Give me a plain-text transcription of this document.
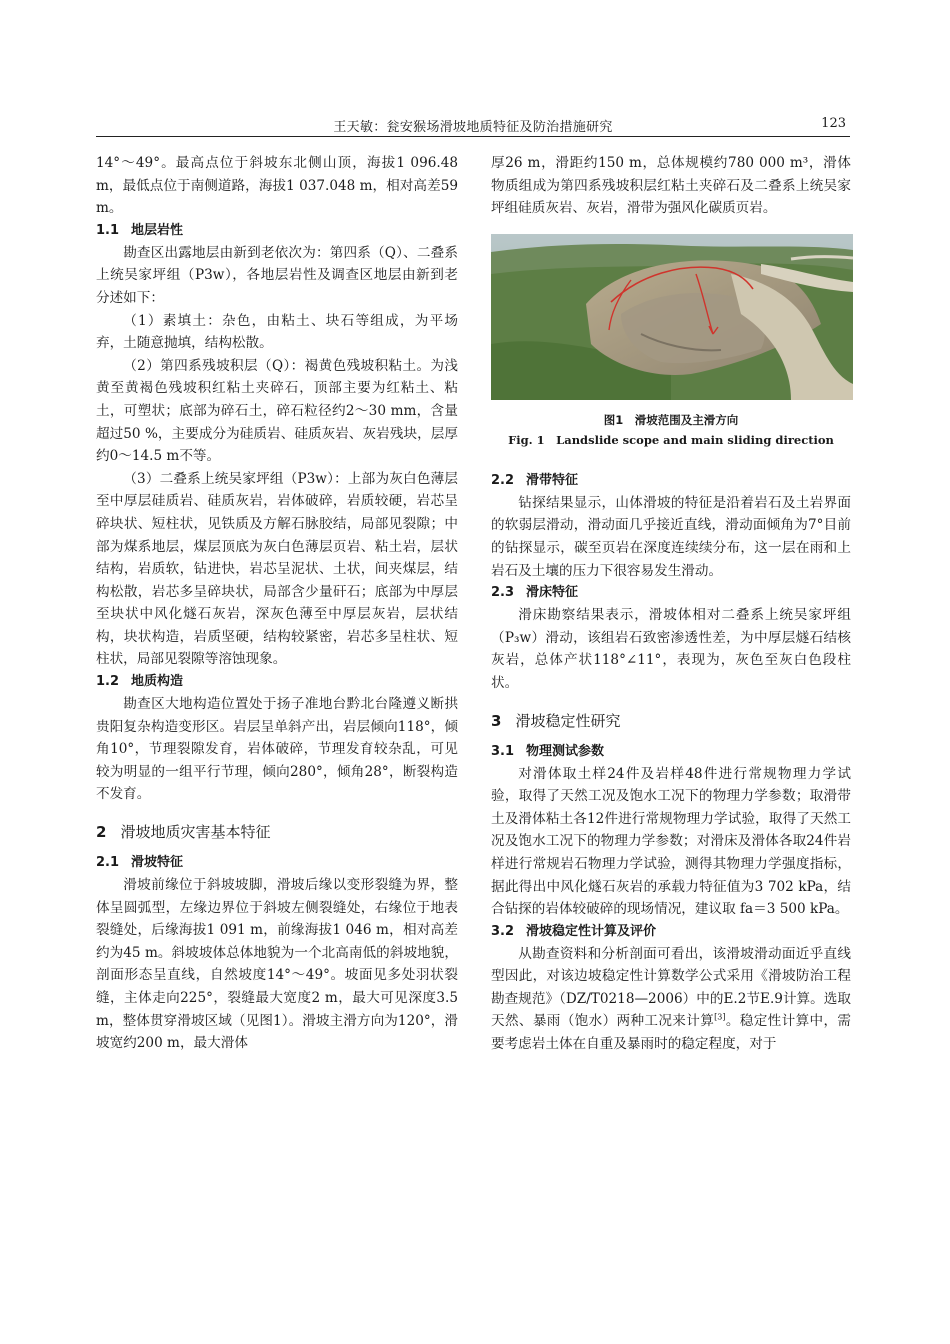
王天敏：瓮安猴场滑坡地质特征及防治措施研究	123

14°～49°。最高点位于斜坡东北侧山顶，海拔1 096.48 m，最低点位于南侧道路，海拔1 037.048 m，相对高差59 m。

1.1 地层岩性

勘查区出露地层由新到老依次为：第四系（Q）、二叠系上统吴家坪组（P3w），各地层岩性及调查区地层由新到老分述如下：

（1）素填土：杂色，由粘土、块石等组成，为平场弃，土随意抛填，结构松散。

（2）第四系残坡积层（Q）：褐黄色残坡积粘土。为浅黄至黄褐色残坡积红粘土夹碎石，顶部主要为红粘土、粘土，可塑状；底部为碎石土，碎石粒径约2～30 mm，含量超过50 %，主要成分为硅质岩、硅质灰岩、灰岩残块，层厚约0～14.5 m不等。

（3）二叠系上统吴家坪组（P3w）：上部为灰白色薄层至中厚层硅质岩、硅质灰岩，岩体破碎，岩质较硬，岩芯呈碎块状、短柱状，见铁质及方解石脉胶结，局部见裂隙；中部为煤系地层，煤层顶底为灰白色薄层页岩、粘土岩，层状结构，岩质软，钻进快，岩芯呈泥状、土状，间夹煤层，结构松散，岩芯多呈碎块状，局部含少量矸石；底部为中厚层至块状中风化燧石灰岩，深灰色薄至中厚层灰岩，层状结构，块状构造，岩质坚硬，结构较紧密，岩芯多呈柱状、短柱状，局部见裂隙等溶蚀现象。

1.2 地质构造

勘查区大地构造位置处于扬子准地台黔北台隆遵义断拱贵阳复杂构造变形区。岩层呈单斜产出，岩层倾向118°，倾角10°，节理裂隙发育，岩体破碎，节理发育较杂乱，可见较为明显的一组平行节理，倾向280°，倾角28°，断裂构造不发育。

2 滑坡地质灾害基本特征
2.1 滑坡特征

滑坡前缘位于斜坡坡脚，滑坡后缘以变形裂缝为界，整体呈圆弧型，左缘边界位于斜坡左侧裂缝处，右缘位于地表裂缝处，后缘海拔1 091 m，前缘海拔1 046 m，相对高差约为45 m。斜坡坡体总体地貌为一个北高南低的斜坡地貌，剖面形态呈直线，自然坡度14°～49°。坡面见多处羽状裂缝，主体走向225°，裂缝最大宽度2 m，最大可见深度3.5 m，整体贯穿滑坡区域（见图1）。滑坡主滑方向为120°，滑坡宽约200 m，最大滑体

厚26 m，滑距约150 m，总体规模约780 000 m³，滑体物质组成为第四系残坡积层红粘土夹碎石及二叠系上统吴家坪组硅质灰岩、灰岩，滑带为强风化碳质页岩。

图1　滑坡范围及主滑方向
Fig. 1　Landslide scope and main sliding direction
2.2 滑带特征

钻探结果显示，山体滑坡的特征是沿着岩石及土岩界面的软弱层滑动，滑动面几乎接近直线，滑动面倾角为7°目前的钻探显示，碳至页岩在深度连续续分布，这一层在雨和上岩石及土壤的压力下很容易发生滑动。

2.3 滑床特征

滑床勘察结果表示，滑坡体相对二叠系上统吴家坪组（P₃w）滑动，该组岩石致密渗透性差，为中厚层燧石结核灰岩，总体产状118°∠11°，表现为，灰色至灰白色段柱状。

3 滑坡稳定性研究
3.1 物理测试参数

对滑体取土样24件及岩样48件进行常规物理力学试验，取得了天然工况及饱水工况下的物理力学参数；取滑带土及滑体粘土各12件进行常规物理力学试验，取得了天然工况及饱水工况下的物理力学参数；对滑床及滑体各取24件岩样进行常规岩石物理力学试验，测得其物理力学强度指标，据此得出中风化燧石灰岩的承载力特征值为3 702 kPa，结合钻探的岩体较破碎的现场情况，建议取 fa＝3 500 kPa。

3.2 滑坡稳定性计算及评价

从勘查资料和分析剖面可看出，该滑坡滑动面近乎直线型因此，对该边坡稳定性计算数学公式采用《滑坡防治工程勘查规范》（DZ/T0218—2006）中的E.2节E.9计算。选取天然、暴雨（饱水）两种工况来计算[3]。稳定性计算中，需要考虑岩土体在自重及暴雨时的稳定程度，对于
